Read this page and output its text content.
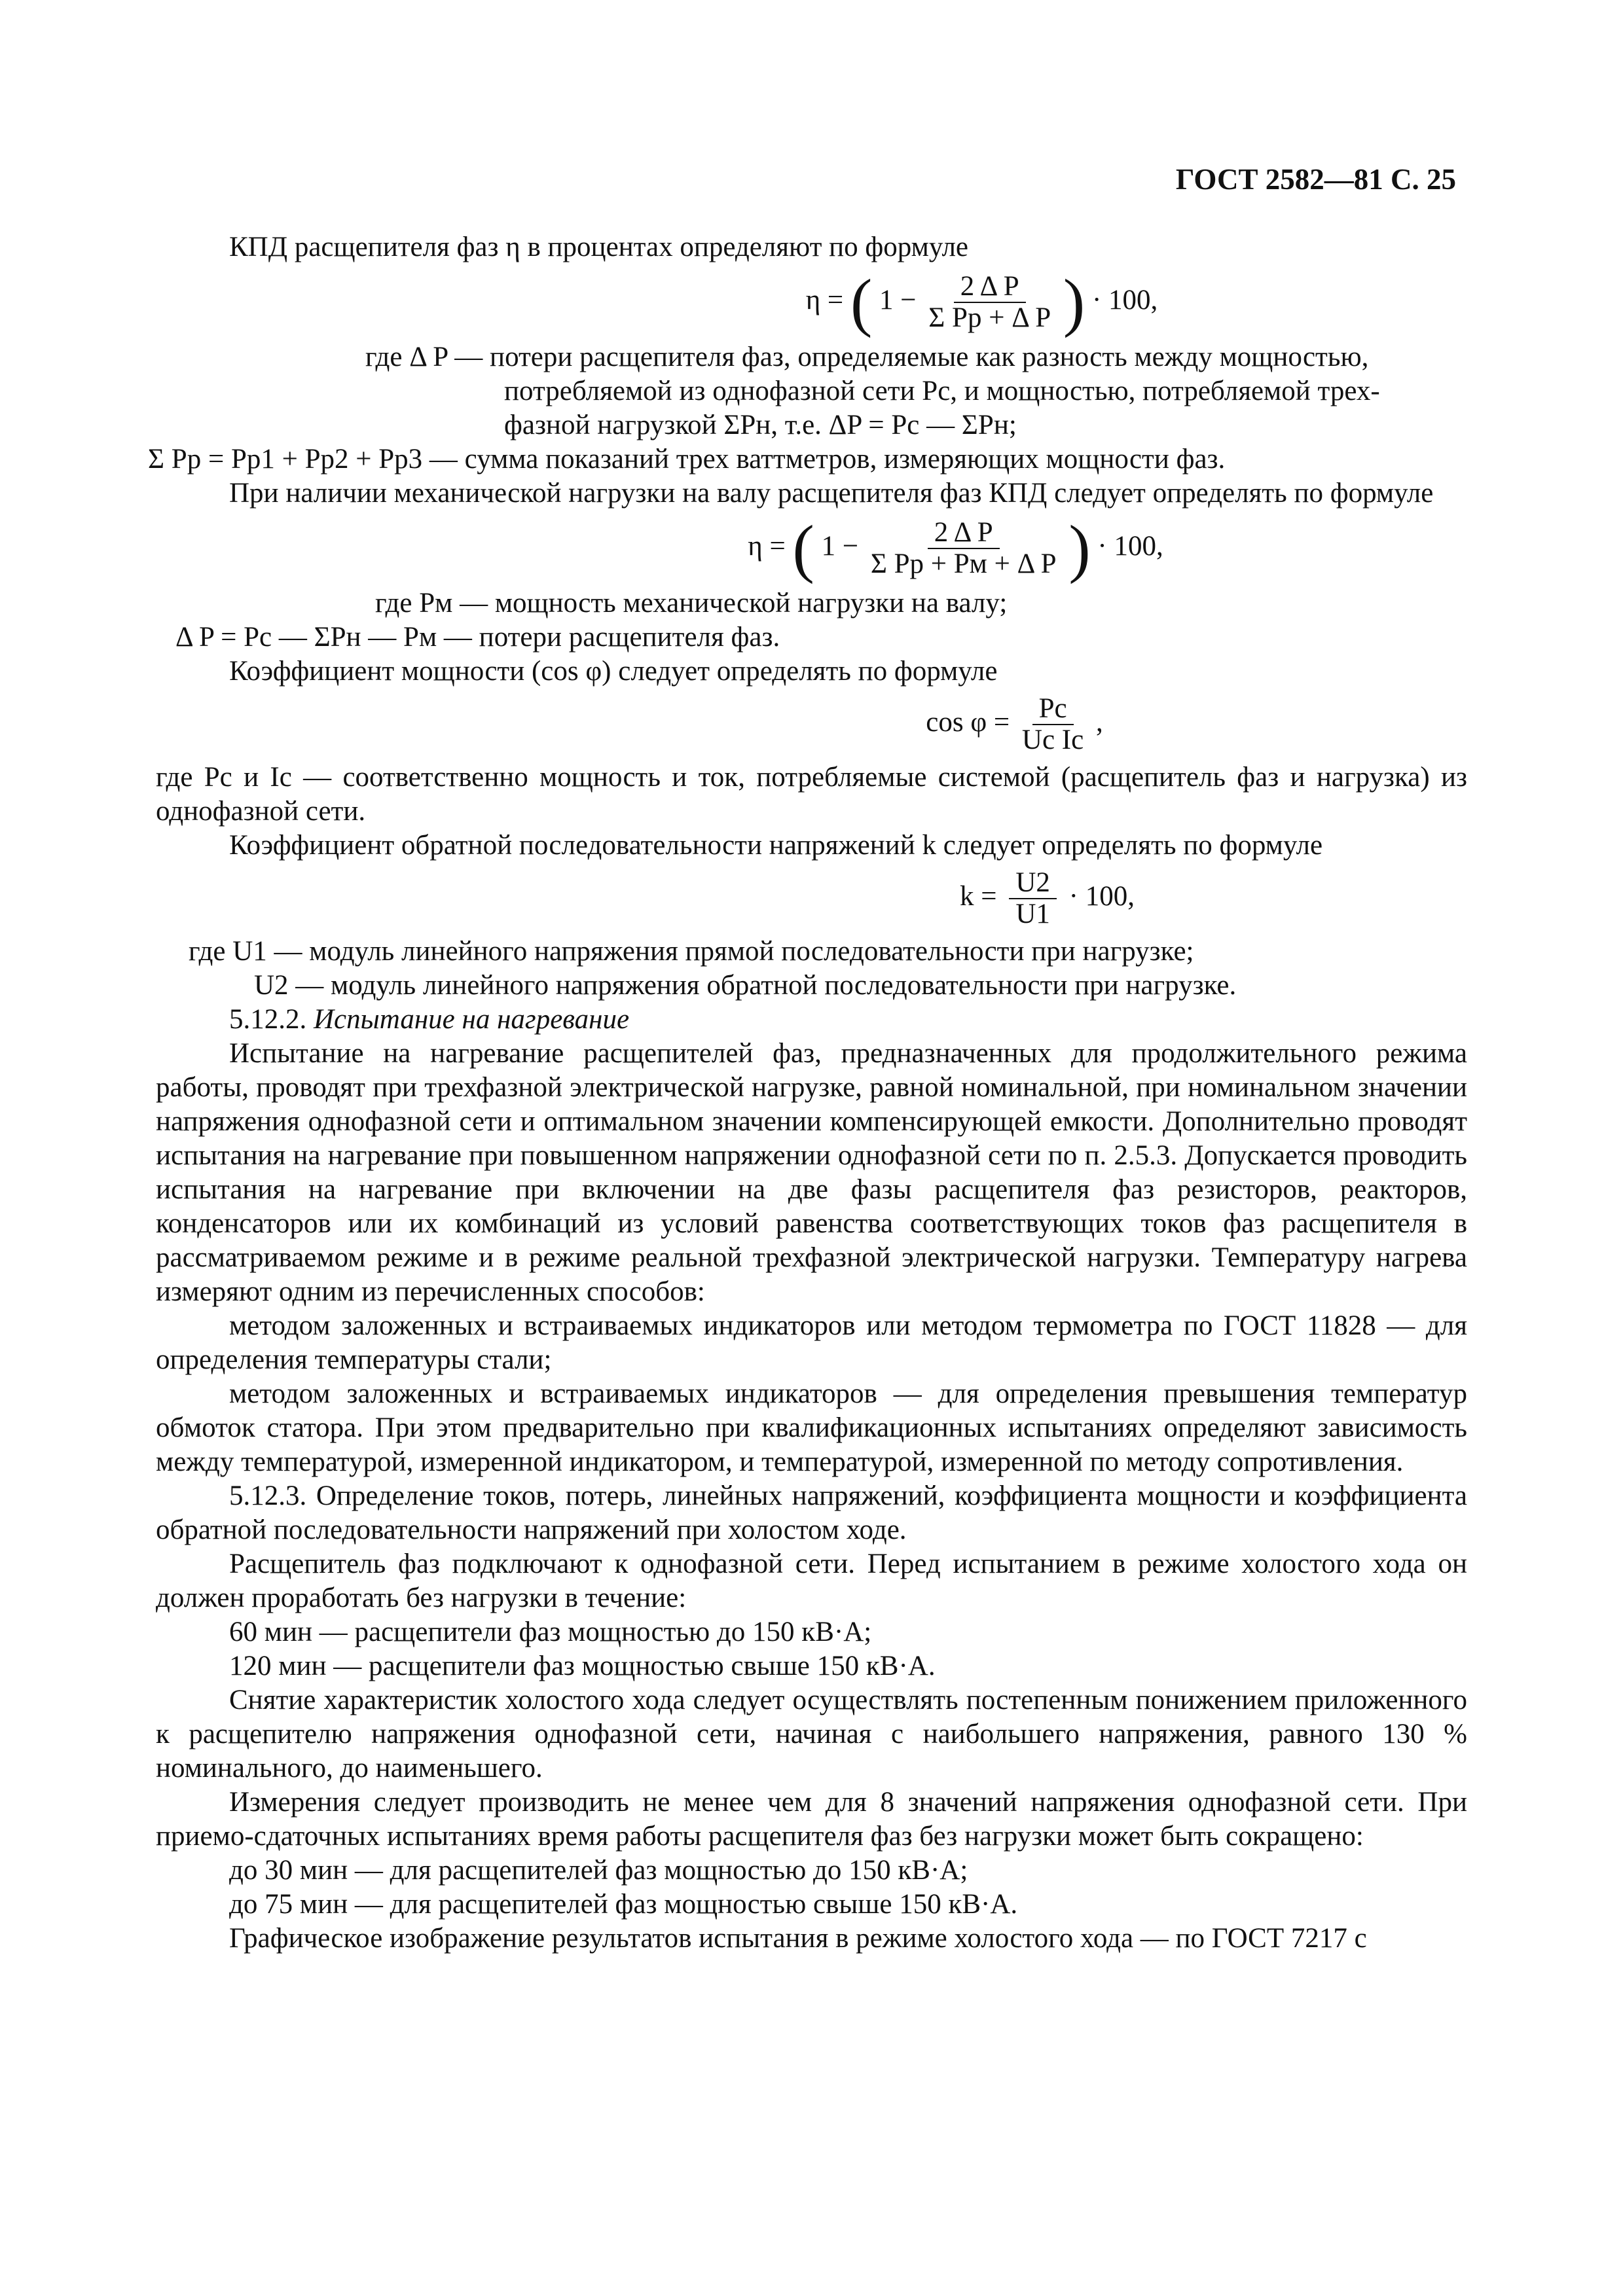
ГОСТ 2582—81 С. 25

КПД расщепителя фаз η в процентах определяют по формуле

η = ( $1 - \frac{\text{2 Δ P}}{\text{Σ Pр + Δ P}}$ ) · 100,

где Δ P — потери расщепителя фаз, определяемые как разность между мощностью,

потребляемой из однофазной сети Pс, и мощностью, потребляемой трех-

фазной нагрузкой ΣPн, т.е. ΔP = Pс — ΣPн;

Σ Pр = Pр1 + Pр2 + Pр3 — сумма показаний трех ваттметров, измеряющих мощности фаз.

При наличии механической нагрузки на валу расщепителя фаз КПД следует определять по формуле

η = ( $1 - \frac{\text{2 Δ P}}{\text{Σ Pр + Pм + Δ P}}$ ) · 100,

где Pм — мощность механической нагрузки на валу;

Δ P = Pс — ΣPн — Pм — потери расщепителя фаз.

Коэффициент мощности (cos φ) следует определять по формуле

$\cos \varphi = \frac{Pс}{\text{Uс Iс}}$ ,

где Pс и Iс — соответственно мощность и ток, потребляемые системой (расщепитель фаз и нагрузка) из однофазной сети.

Коэффициент обратной последовательности напряжений k следует определять по формуле

$k = \frac{U2}{U1} \cdot 100$,

где U1 — модуль линейного напряжения прямой последовательности при нагрузке;

U2 — модуль линейного напряжения обратной последовательности при нагрузке.

5.12.2. Испытание на нагревание

Испытание на нагревание расщепителей фаз, предназначенных для продолжительного режима работы, проводят при трехфазной электрической нагрузке, равной номинальной, при номинальном значении напряжения однофазной сети и оптимальном значении компенсирующей емкости. Дополнительно проводят испытания на нагревание при повышенном напряжении однофазной сети по п. 2.5.3. Допускается проводить испытания на нагревание при включении на две фазы расщепителя фаз резисторов, реакторов, конденсаторов или их комбинаций из условий равенства соответствующих токов фаз расщепителя в рассматриваемом режиме и в режиме реальной трехфазной электрической нагрузки. Температуру нагрева измеряют одним из перечисленных способов:

методом заложенных и встраиваемых индикаторов или методом термометра по ГОСТ 11828 — для определения температуры стали;

методом заложенных и встраиваемых индикаторов — для определения превышения температур обмоток статора. При этом предварительно при квалификационных испытаниях определяют зависимость между температурой, измеренной индикатором, и температурой, измеренной по методу сопротивления.

5.12.3. Определение токов, потерь, линейных напряжений, коэффициента мощности и коэффициента обратной последовательности напряжений при холостом ходе.

Расщепитель фаз подключают к однофазной сети. Перед испытанием в режиме холостого хода он должен проработать без нагрузки в течение:

60 мин — расщепители фаз мощностью до 150 кВ·А;

120 мин — расщепители фаз мощностью свыше 150 кВ·А.

Снятие характеристик холостого хода следует осуществлять постепенным понижением приложенного к расщепителю напряжения однофазной сети, начиная с наибольшего напряжения, равного 130 % номинального, до наименьшего.

Измерения следует производить не менее чем для 8 значений напряжения однофазной сети. При приемо-сдаточных испытаниях время работы расщепителя фаз без нагрузки может быть сокращено:

до 30 мин — для расщепителей фаз мощностью до 150 кВ·А;

до 75 мин — для расщепителей фаз мощностью свыше 150 кВ·А.

Графическое изображение результатов испытания в режиме холостого хода — по ГОСТ 7217 с
